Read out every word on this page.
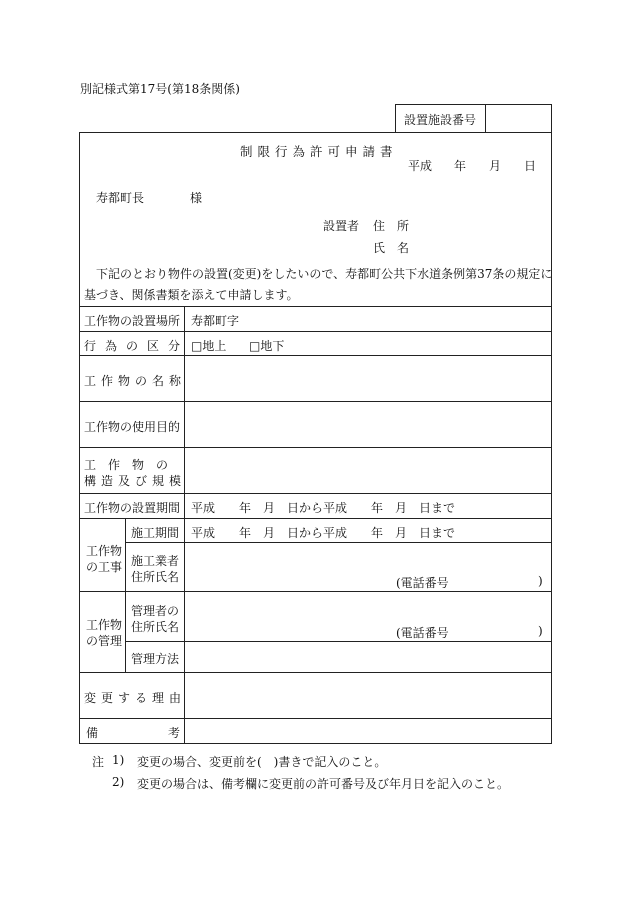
別記様式第17号(第18条関係)
設置施設番号
制限行為許可申請書
平成 年 月 日
寿都町長	様
設置者 住　所
氏　名
下記のとおり物件の設置(変更)をしたいので、寿都町公共下水道条例第37条の規定に
基づき、関係書類を添えて申請します。
工作物の設置場所 寿都町字
行為の区分 □地上 □地下
工作物の名称
工作物の使用目的
工　作　物　の
構造及び規模
工作物の設置期間 平成　　年　月　日から平成　　年　月　日まで
工作物
の工事
施工期間 平成　　年　月　日から平成　　年　月　日まで
施工業者
住所氏名	(電話番号	)
工作物
の管理
管理者の
住所氏名	(電話番号	)
管理方法
変更する理由
備	考
注 1) 変更の場合、変更前を(　)書きで記入のこと。
2) 変更の場合は、備考欄に変更前の許可番号及び年月日を記入のこと。
